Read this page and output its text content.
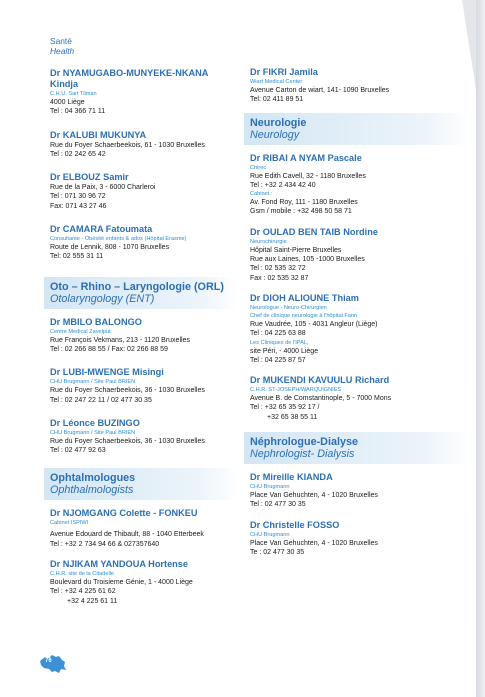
Santé
Health
Dr NYAMUGABO-MUNYEKE-NKANA Kindja
C.H.U. Sart Tilman
4000 Liège
Tel : 04 366 71 11
Dr KALUBI MUKUNYA
Rue du Foyer Schaerbeekois, 61 - 1030 Bruxelles
Tel : 02 242 65 42
Dr ELBOUZ Samir
Rue de la Paix, 3 - 6000 Charleroi
Tel : 071 30 96 72
Fax: 071 43 27 46
Dr CAMARA Fatoumata
Consultante - Obésité enfants & ados (Hôpital Erasme)
Route de Lennik, 808 - 1070 Bruxelles
Tel: 02 555 31 11
Oto – Rhino – Laryngologie (ORL)
Otolaryngology (ENT)
Dr MBILO BALONGO
Centre Medical Zavelput
Rue François Vekmans, 213 - 1120 Bruxelles
Tel : 02 266 88 55 / Fax: 02 266 88 59
Dr LUBI-MWENGE Misingi
CHU Brugmann / Site Paul BRIEN
Rue du Foyer Schaerbeekois, 36 - 1030 Bruxelles
Tel : 02 247 22 11 / 02 477 30 35
Dr Léonce BUZINGO
CHU Brugmann / Site Paul BRIEN
Rue du Foyer Schaerbeekois, 36 - 1030 Bruxelles
Tel : 02 477 92 63
Ophtalmologues
Ophthalmologists
Dr NJOMGANG Colette - FONKEU
Cabinet ISPIWI
Avenue Edouard de Thibault, 88 - 1040 Etterbeek
Tel : +32 2 734 94 66 & 027357640
Dr NJIKAM YANDOUA Hortense
C.H.R. site de la Citadelle
Boulevard du Troisieme Génie, 1 - 4000 Liège
Tel : +32 4 225 61 62
+32 4 225 61 11
Dr FIKRI Jamila
Wiart Medical Center
Avenue Carton de wiart, 141- 1090 Bruxelles
Tel: 02 411 89 51
Neurologie
Neurology
Dr RIBAI A NYAM Pascale
Chirec
Rue Edith Cavell, 32 - 1180 Bruxelles
Tel : +32 2 434 42 40
Cabinet :
Av. Fond Roy, 111 - 1180 Bruxelles
Gsm / mobile : +32 498 50 58 71
Dr OULAD BEN TAIB Nordine
Neurochirurgie
Hôpital Saint-Pierre Bruxelles
Rue aux Laines, 105 -1000 Bruxelles
Tel : 02 535 32 72
Fax : 02 535 32 87
Dr DIOH ALIOUNE Thiam
Neurologue - Neuro-Chirurgien
Chef de clinique neurologie à l'hôpital Fann
Rue Vaudrée, 105 - 4031 Angleur (Liège)
Tel : 04 225 63 88
Les Cliniques de l'IPAL,
site Péri, - 4000 Liège
Tel : 04 225 87 57
Dr MUKENDI KAVUULU Richard
C.H.R. ST-JOSEPH/WARQUIGNIES
Avenue B. de Comstantinople, 5 - 7000 Mons
Tel : +32 65 35 92 17 /
+32 65 38 55 11
Néphrologue-Dialyse
Nephrologist- Dialysis
Dr Mireille KIANDA
CHU Brugmann
Place Van Gehuchten, 4 - 1020 Bruxelles
Tel : 02 477 30 35
Dr Christelle FOSSO
CHU Brugmann
Place Van Gehuchten, 4 - 1020 Bruxelles
Te : 02 477 30 35
76
